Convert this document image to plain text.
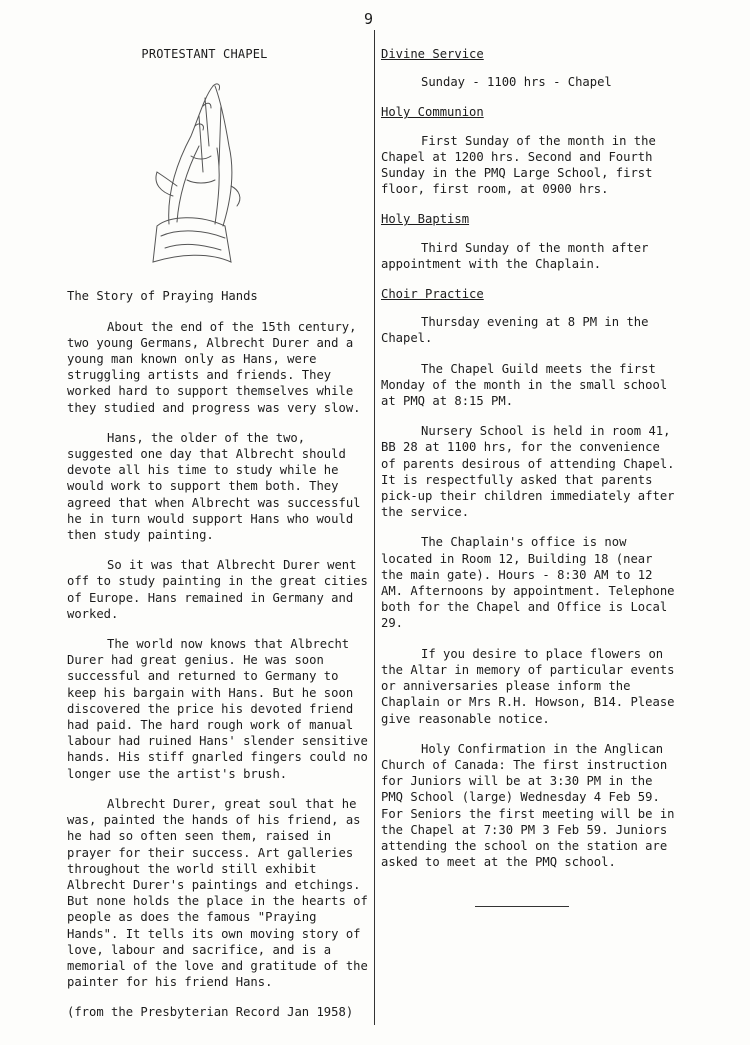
9
PROTESTANT CHAPEL
The Story of Praying Hands

About the end of the 15th century, two young Germans, Albrecht Durer and a young man known only as Hans, were struggling artists and friends. They worked hard to support themselves while they studied and progress was very slow.

Hans, the older of the two, suggested one day that Albrecht should devote all his time to study while he would work to support them both. They agreed that when Albrecht was successful he in turn would support Hans who would then study painting.

So it was that Albrecht Durer went off to study painting in the great cities of Europe. Hans remained in Germany and worked.

The world now knows that Albrecht Durer had great genius. He was soon successful and returned to Germany to keep his bargain with Hans. But he soon discovered the price his devoted friend had paid. The hard rough work of manual labour had ruined Hans' slender sensitive hands. His stiff gnarled fingers could no longer use the artist's brush.

Albrecht Durer, great soul that he was, painted the hands of his friend, as he had so often seen them, raised in prayer for their success. Art galleries throughout the world still exhibit Albrecht Durer's paintings and etchings. But none holds the place in the hearts of people as does the famous "Praying Hands". It tells its own moving story of love, labour and sacrifice, and is a memorial of the love and gratitude of the painter for his friend Hans.

(from the Presbyterian Record Jan 1958)
Divine Service

Sunday - 1100 hrs - Chapel

Holy Communion

First Sunday of the month in the Chapel at 1200 hrs. Second and Fourth Sunday in the PMQ Large School, first floor, first room, at 0900 hrs.

Holy Baptism

Third Sunday of the month after appointment with the Chaplain.

Choir Practice

Thursday evening at 8 PM in the Chapel.

The Chapel Guild meets the first Monday of the month in the small school at PMQ at 8:15 PM.

Nursery School is held in room 41, BB 28 at 1100 hrs, for the convenience of parents desirous of attending Chapel. It is respectfully asked that parents pick-up their children immediately after the service.

The Chaplain's office is now located in Room 12, Building 18 (near the main gate). Hours - 8:30 AM to 12 AM. Afternoons by appointment. Telephone both for the Chapel and Office is Local 29.

If you desire to place flowers on the Altar in memory of particular events or anniversaries please inform the Chaplain or Mrs R.H. Howson, B14. Please give reasonable notice.

Holy Confirmation in the Anglican Church of Canada: The first instruction for Juniors will be at 3:30 PM in the PMQ School (large) Wednesday 4 Feb 59. For Seniors the first meeting will be in the Chapel at 7:30 PM 3 Feb 59. Juniors attending the school on the station are asked to meet at the PMQ school.
